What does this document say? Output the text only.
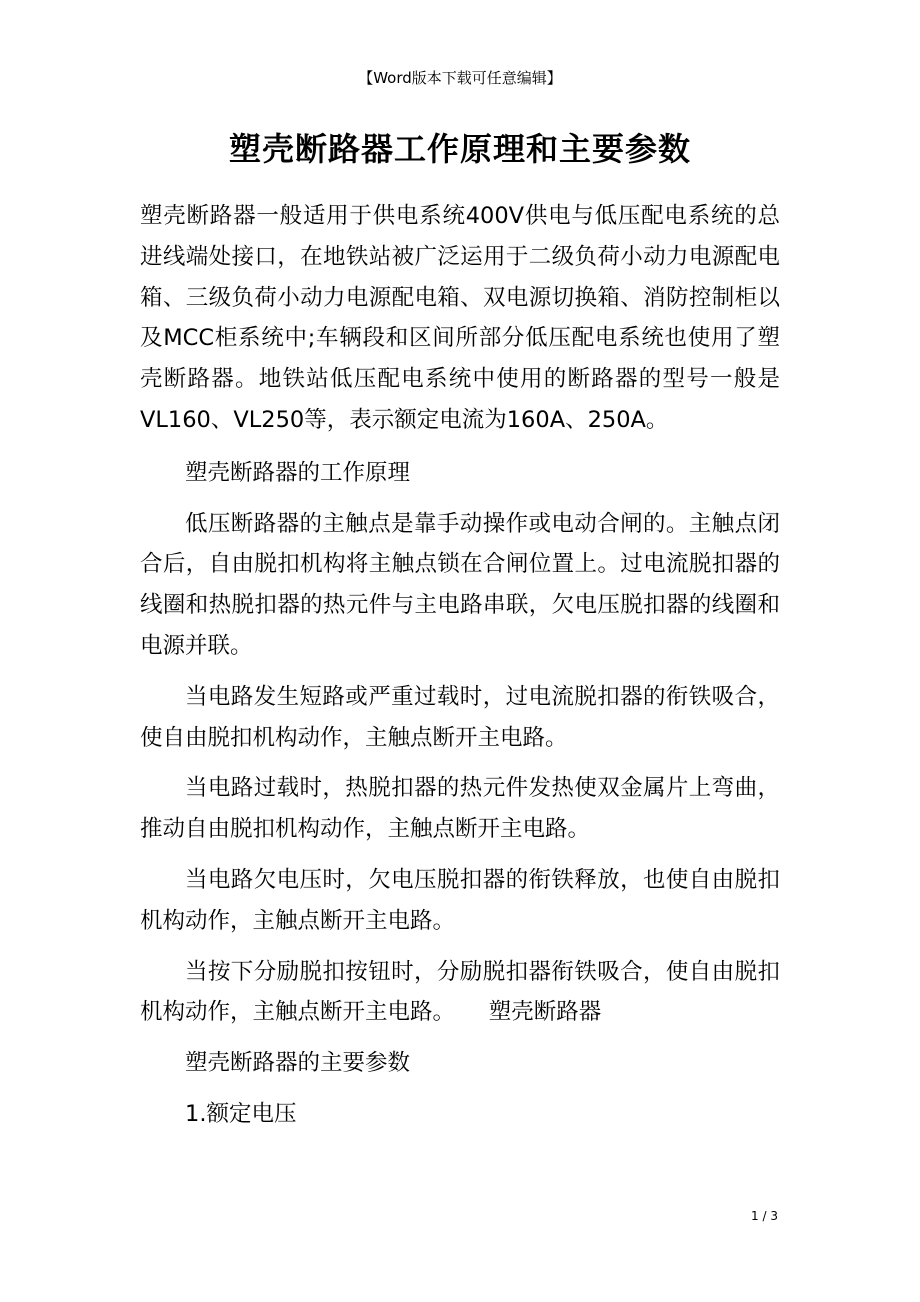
【Word版本下载可任意编辑】
塑壳断路器工作原理和主要参数

塑壳断路器一般适用于供电系统400V供电与低压配电系统的总进线端处接口，在地铁站被广泛运用于二级负荷小动力电源配电箱、三级负荷小动力电源配电箱、双电源切换箱、消防控制柜以及MCC柜系统中;车辆段和区间所部分低压配电系统也使用了塑壳断路器。地铁站低压配电系统中使用的断路器的型号一般是VL160、VL250等，表示额定电流为160A、250A。

塑壳断路器的工作原理

低压断路器的主触点是靠手动操作或电动合闸的。主触点闭合后，自由脱扣机构将主触点锁在合闸位置上。过电流脱扣器的线圈和热脱扣器的热元件与主电路串联，欠电压脱扣器的线圈和电源并联。

当电路发生短路或严重过载时，过电流脱扣器的衔铁吸合，使自由脱扣机构动作，主触点断开主电路。

当电路过载时，热脱扣器的热元件发热使双金属片上弯曲，推动自由脱扣机构动作，主触点断开主电路。

当电路欠电压时，欠电压脱扣器的衔铁释放，也使自由脱扣机构动作，主触点断开主电路。

当按下分励脱扣按钮时，分励脱扣器衔铁吸合，使自由脱扣机构动作，主触点断开主电路。　　塑壳断路器

塑壳断路器的主要参数

1.额定电压

1 / 3
